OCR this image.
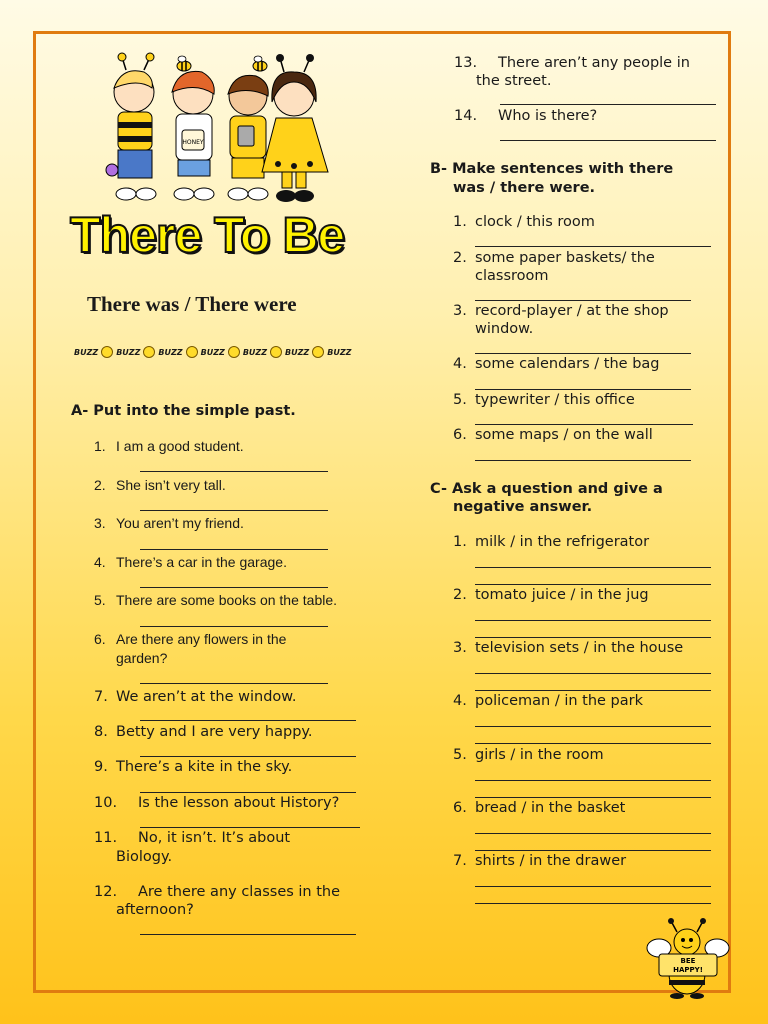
HONEY
There To Be
There was / There were
BUZZ BUZZ BUZZ BUZZ BUZZ BUZZ BUZZ
A- Put into the simple past.
1. I am a good student.
2. She isn’t very tall.
3. You aren’t my friend.
4. There’s a car in the garage.
5. There are some books on the table.
6. Are there any flowers in the
garden?
7. We aren’t at the window.
8. Betty and I are very happy.
9. There’s a kite in the sky.
10. Is the lesson about History?
11. No, it isn’t. It’s about
Biology.
12. Are there any classes in the
afternoon?
13. There aren’t any people in
the street.
14. Who is there?
B- Make sentences with there
was / there were.
1. clock / this room
2. some paper baskets/ the
classroom
3. record-player / at the shop
window.
4. some calendars / the bag
5. typewriter / this office
6. some maps / on the wall
C- Ask a question and give a
negative answer.
1. milk / in the refrigerator
2. tomato juice / in the jug
3. television sets / in the house
4. policeman / in the park
5. girls / in the room
6. bread / in the basket
7. shirts / in the drawer
BEE
HAPPY!
